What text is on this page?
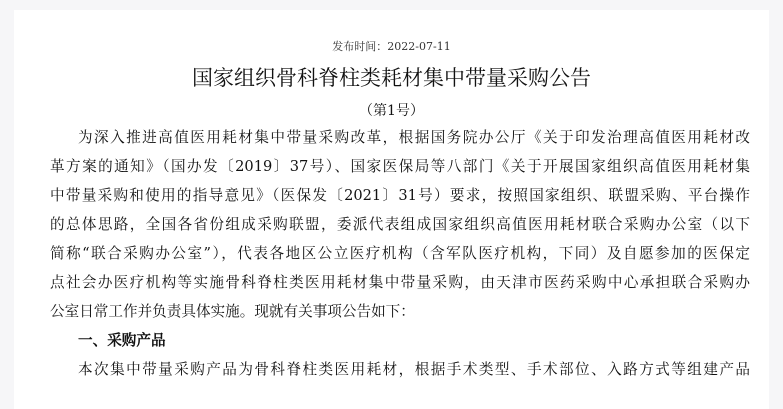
发布时间：2022-07-11
国家组织骨科脊柱类耗材集中带量采购公告
（第1号）
为深入推进高值医用耗材集中带量采购改革，根据国务院办公厅《关于印发治理高值医用耗材改
革方案的通知》（国办发〔2019〕37号）、国家医保局等八部门《关于开展国家组织高值医用耗材集
中带量采购和使用的指导意见》（医保发〔2021〕31号）要求，按照国家组织、联盟采购、平台操作
的总体思路，全国各省份组成采购联盟，委派代表组成国家组织高值医用耗材联合采购办公室（以下
简称“联合采购办公室”），代表各地区公立医疗机构（含军队医疗机构，下同）及自愿参加的医保定
点社会办医疗机构等实施骨科脊柱类医用耗材集中带量采购，由天津市医药采购中心承担联合采购办
公室日常工作并负责具体实施。现就有关事项公告如下：
一、采购产品
本次集中带量采购产品为骨科脊柱类医用耗材，根据手术类型、手术部位、入路方式等组建产品
